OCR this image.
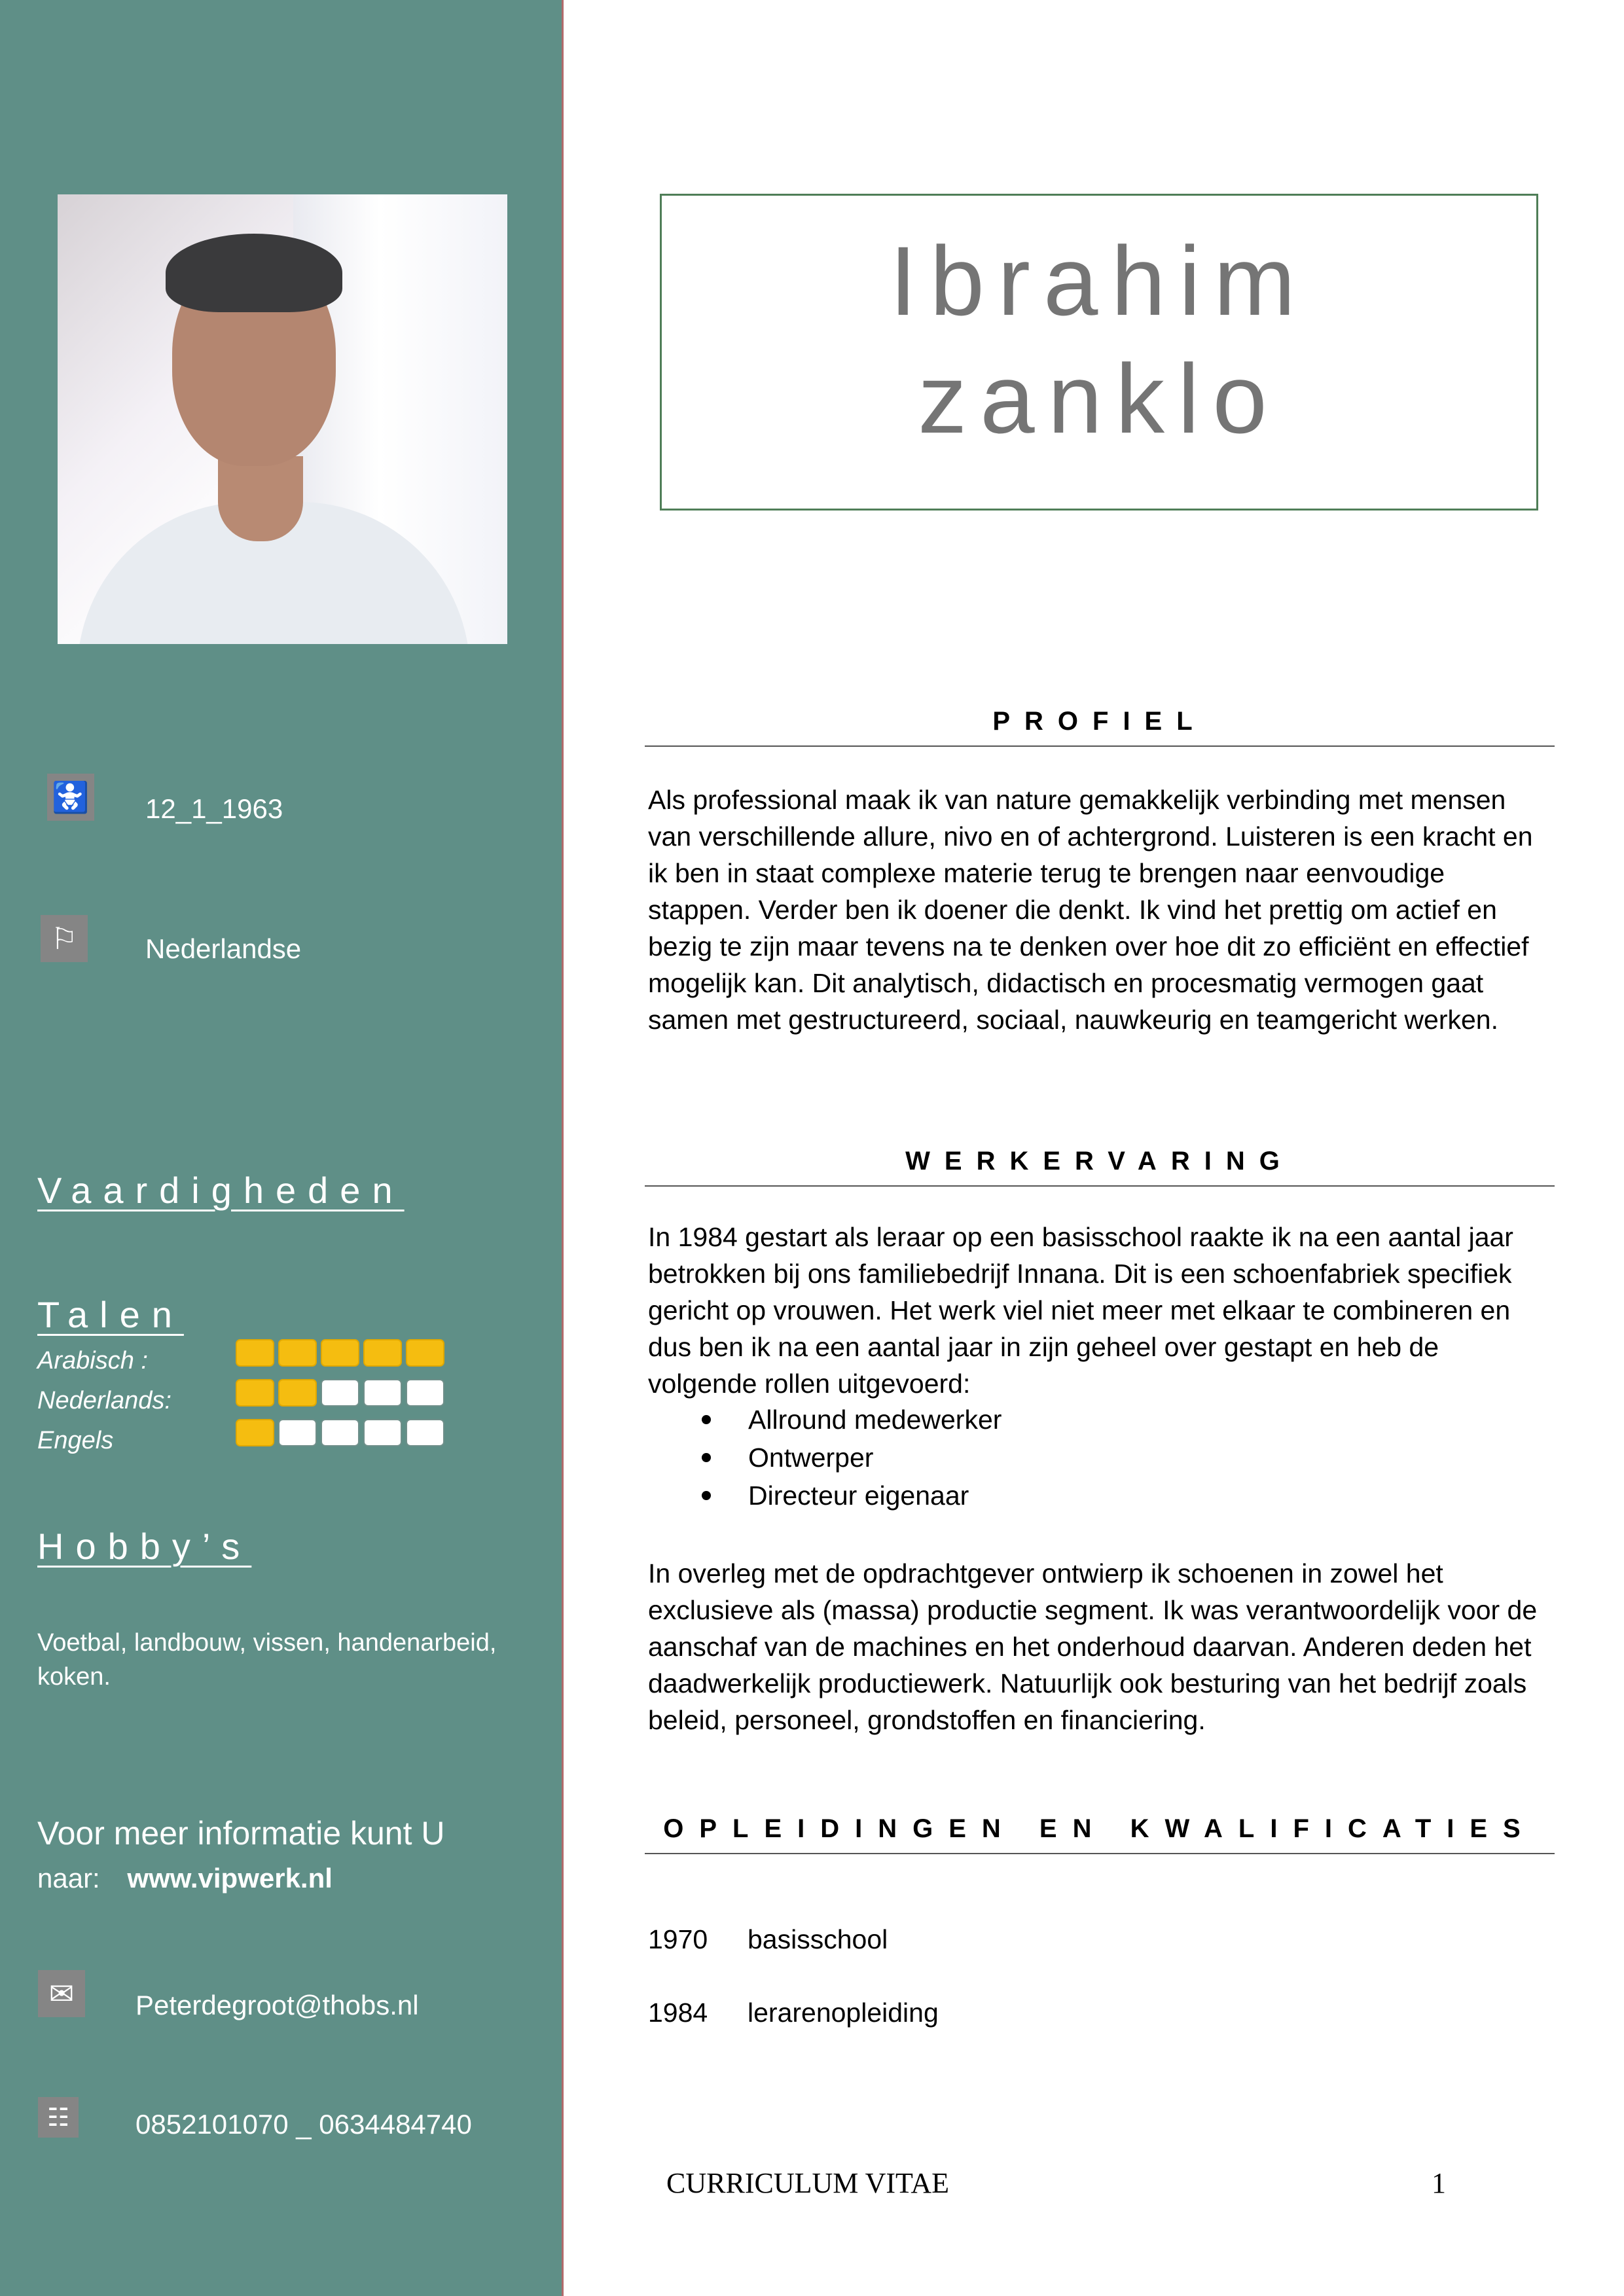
🚼 12_1_1963
⚐	Nederlandse
Vaardigheden
Talen
Arabisch :
Nederlands:
Engels
Hobby’s
Voetbal, landbouw, vissen, handenarbeid, koken.
Voor meer informatie kunt U
naar: www.vipwerk.nl
✉	Peterdegroot@thobs.nl
☷	0852101070 _ 0634484740
Ibrahim
zanklo
PROFIEL
Als professional maak ik van nature gemakkelijk verbinding met mensen van verschillende allure, nivo en of achtergrond. Luisteren is een kracht en ik ben in staat complexe materie terug te brengen naar eenvoudige stappen. Verder ben ik doener die denkt. Ik vind het prettig om actief en bezig te zijn maar tevens na te denken over hoe dit zo efficiënt en effectief mogelijk kan. Dit analytisch, didactisch en procesmatig vermogen gaat samen met gestructureerd, sociaal, nauwkeurig en teamgericht werken.
WERKERVARING
In 1984 gestart als leraar op een basisschool raakte ik na een aantal jaar betrokken bij ons familiebedrijf Innana. Dit is een schoenfabriek specifiek gericht op vrouwen. Het werk viel niet meer met elkaar te combineren en dus ben ik na een aantal jaar in zijn geheel over gestapt en heb de volgende rollen uitgevoerd:
Allround medewerker
Ontwerper
Directeur eigenaar
In overleg met de opdrachtgever ontwierp ik schoenen in zowel het exclusieve als (massa) productie segment. Ik was verantwoordelijk voor de aanschaf van de machines en het onderhoud daarvan. Anderen deden het daadwerkelijk productiewerk. Natuurlijk ook besturing van het bedrijf zoals beleid, personeel, grondstoffen en financiering.
OPLEIDINGEN EN KWALIFICATIES
1970 basisschool
1984 lerarenopleiding
CURRICULUM VITAE	1
